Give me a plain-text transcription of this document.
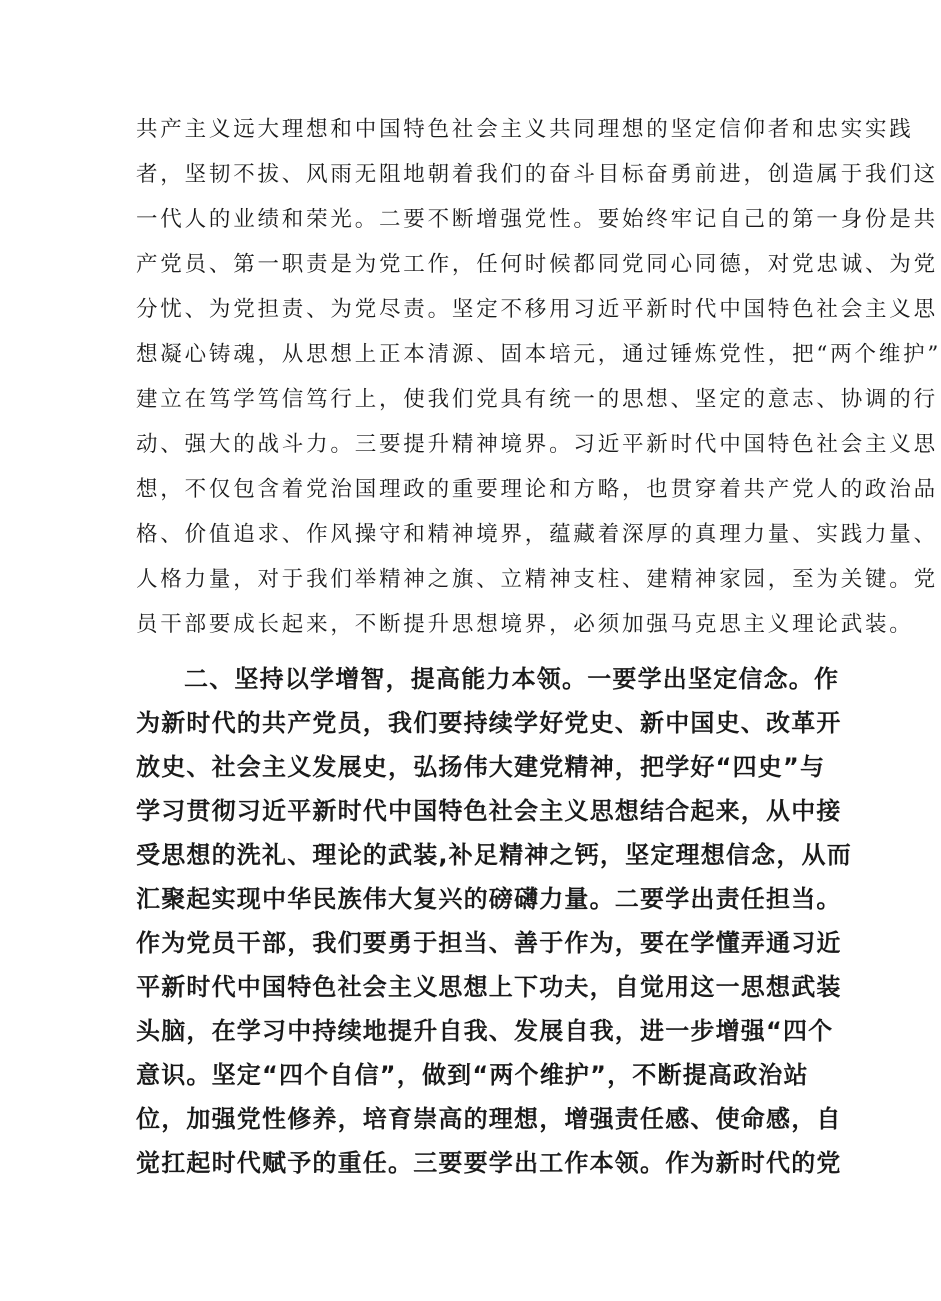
共产主义远大理想和中国特色社会主义共同理想的坚定信仰者和忠实实践
者，坚韧不拔、风雨无阻地朝着我们的奋斗目标奋勇前进，创造属于我们这
一代人的业绩和荣光。二要不断增强党性。要始终牢记自己的第一身份是共
产党员、第一职责是为党工作，任何时候都同党同心同德，对党忠诚、为党
分忧、为党担责、为党尽责。坚定不移用习近平新时代中国特色社会主义思
想凝心铸魂，从思想上正本清源、固本培元，通过锤炼党性，把“两个维护”
建立在笃学笃信笃行上，使我们党具有统一的思想、坚定的意志、协调的行
动、强大的战斗力。三要提升精神境界。习近平新时代中国特色社会主义思
想，不仅包含着党治国理政的重要理论和方略，也贯穿着共产党人的政治品
格、价值追求、作风操守和精神境界，蕴藏着深厚的真理力量、实践力量、
人格力量，对于我们举精神之旗、立精神支柱、建精神家园，至为关键。党
员干部要成长起来，不断提升思想境界，必须加强马克思主义理论武装。
二、坚持以学增智，提高能力本领。一要学出坚定信念。作
为新时代的共产党员，我们要持续学好党史、新中国史、改革开
放史、社会主义发展史，弘扬伟大建党精神，把学好“四史”与
学习贯彻习近平新时代中国特色社会主义思想结合起来，从中接
受思想的洗礼、理论的武装,补足精神之钙，坚定理想信念，从而
汇聚起实现中华民族伟大复兴的磅礴力量。二要学出责任担当。
作为党员干部，我们要勇于担当、善于作为，要在学懂弄通习近
平新时代中国特色社会主义思想上下功夫，自觉用这一思想武装
头脑，在学习中持续地提升自我、发展自我，进一步增强“四个
意识。坚定“四个自信”，做到“两个维护”，不断提高政治站
位，加强党性修养，培育崇高的理想，增强责任感、使命感，自
觉扛起时代赋予的重任。三要要学出工作本领。作为新时代的党
